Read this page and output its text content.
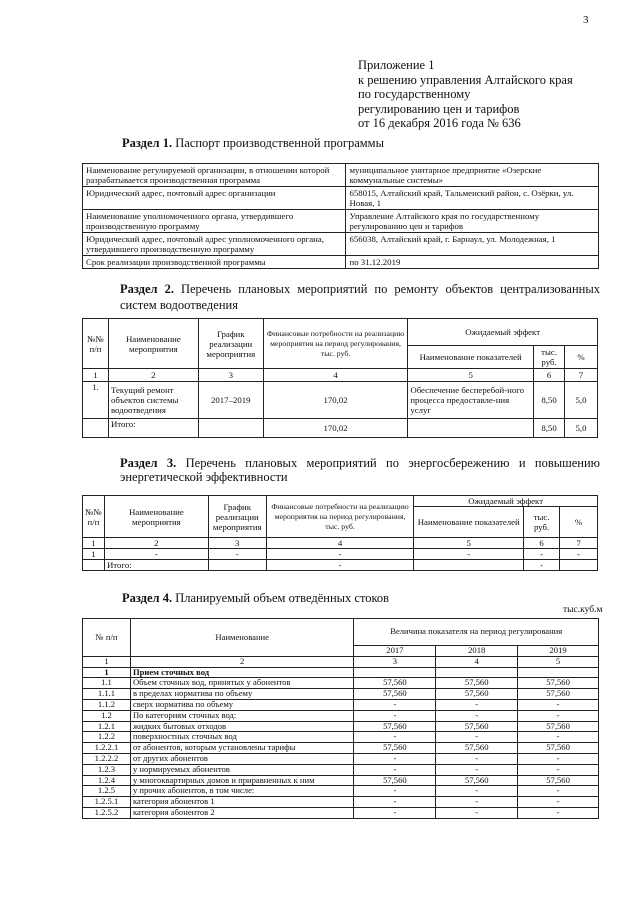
3
Приложение 1
к решению управления Алтайского края
по государственному
регулированию цен и тарифов
от 16 декабря 2016 года № 636
Раздел 1. Паспорт производственной программы
Наименование регулируемой организации, в отношении которой разрабатывается производственная программа	муниципальное унитарное предприятие «Озерские коммунальные системы»
Юридический адрес, почтовый адрес организации	658015, Алтайский край, Тальменский район, с. Озёрки, ул. Новая, 1
Наименование уполномоченного органа, утвердившего производственную программу	Управление Алтайского края по государственному регулированию цен и тарифов
Юридический адрес, почтовый адрес уполномоченного органа, утвердившего производственную программу	656038, Алтайский край, г. Барнаул, ул. Молодежная, 1
Срок реализации производственной программы	по 31.12.2019
Раздел 2. Перечень плановых мероприятий по ремонту объектов централизованных систем водоотведения
№№ п/п	Наименование мероприятия	График реализации мероприятия	Финансовые потребности на реализацию мероприятия на период регулирования, тыс. руб.	Ожидаемый эффект		
				Наименование показателей	тыс. руб.	%
1	2	3	4	5	6	7
1.	Текущий ремонт объектов системы водоотведения	2017–2019	170,02	Обеспечение бесперебой-ного процесса предоставле-ния услуг	8,50	5,0
	Итого:		170,02		8,50	5,0
Раздел 3. Перечень плановых мероприятий по энергосбережению и повышению энергетической эффективности
№№ п/п	Наименование мероприятия	График реализации мероприятия	Финансовые потребности на реализацию мероприятия на период регулирования, тыс. руб.	Ожидаемый эффект		
				Наименование показателей	тыс. руб.	%
1	2	3	4	5	6	7
1	-	-	-	-	-	-
	Итого:		-		-	
Раздел 4. Планируемый объем отведённых стоков
тыс.куб.м
№ п/п	Наименование	Величина показателя на период регулирования		
		2017	2018	2019
1	2	3	4	5
1	Прием сточных вод			
1.1	Объем сточных вод, принятых у абонентов	57,560	57,560	57,560
1.1.1	в пределах норматива по объему	57,560	57,560	57,560
1.1.2	сверх норматива по объему	-	-	-
1.2	По категориям сточных вод:	-	-	-
1.2.1	жидких бытовых отходов	57,560	57,560	57,560
1.2.2	поверхностных сточных вод	-	-	-
1.2.2.1	от абонентов, которым установлены тарифы	57,560	57,560	57,560
1.2.2.2	от других абонентов	-	-	-
1.2.3	у нормируемых абонентов	-	-	-
1.2.4	у многоквартирных домов и приравненных к ним	57,560	57,560	57,560
1.2.5	у прочих абонентов, в том числе:	-	-	-
1.2.5.1	категория абонентов 1	-	-	-
1.2.5.2	категория абонентов 2	-	-	-
